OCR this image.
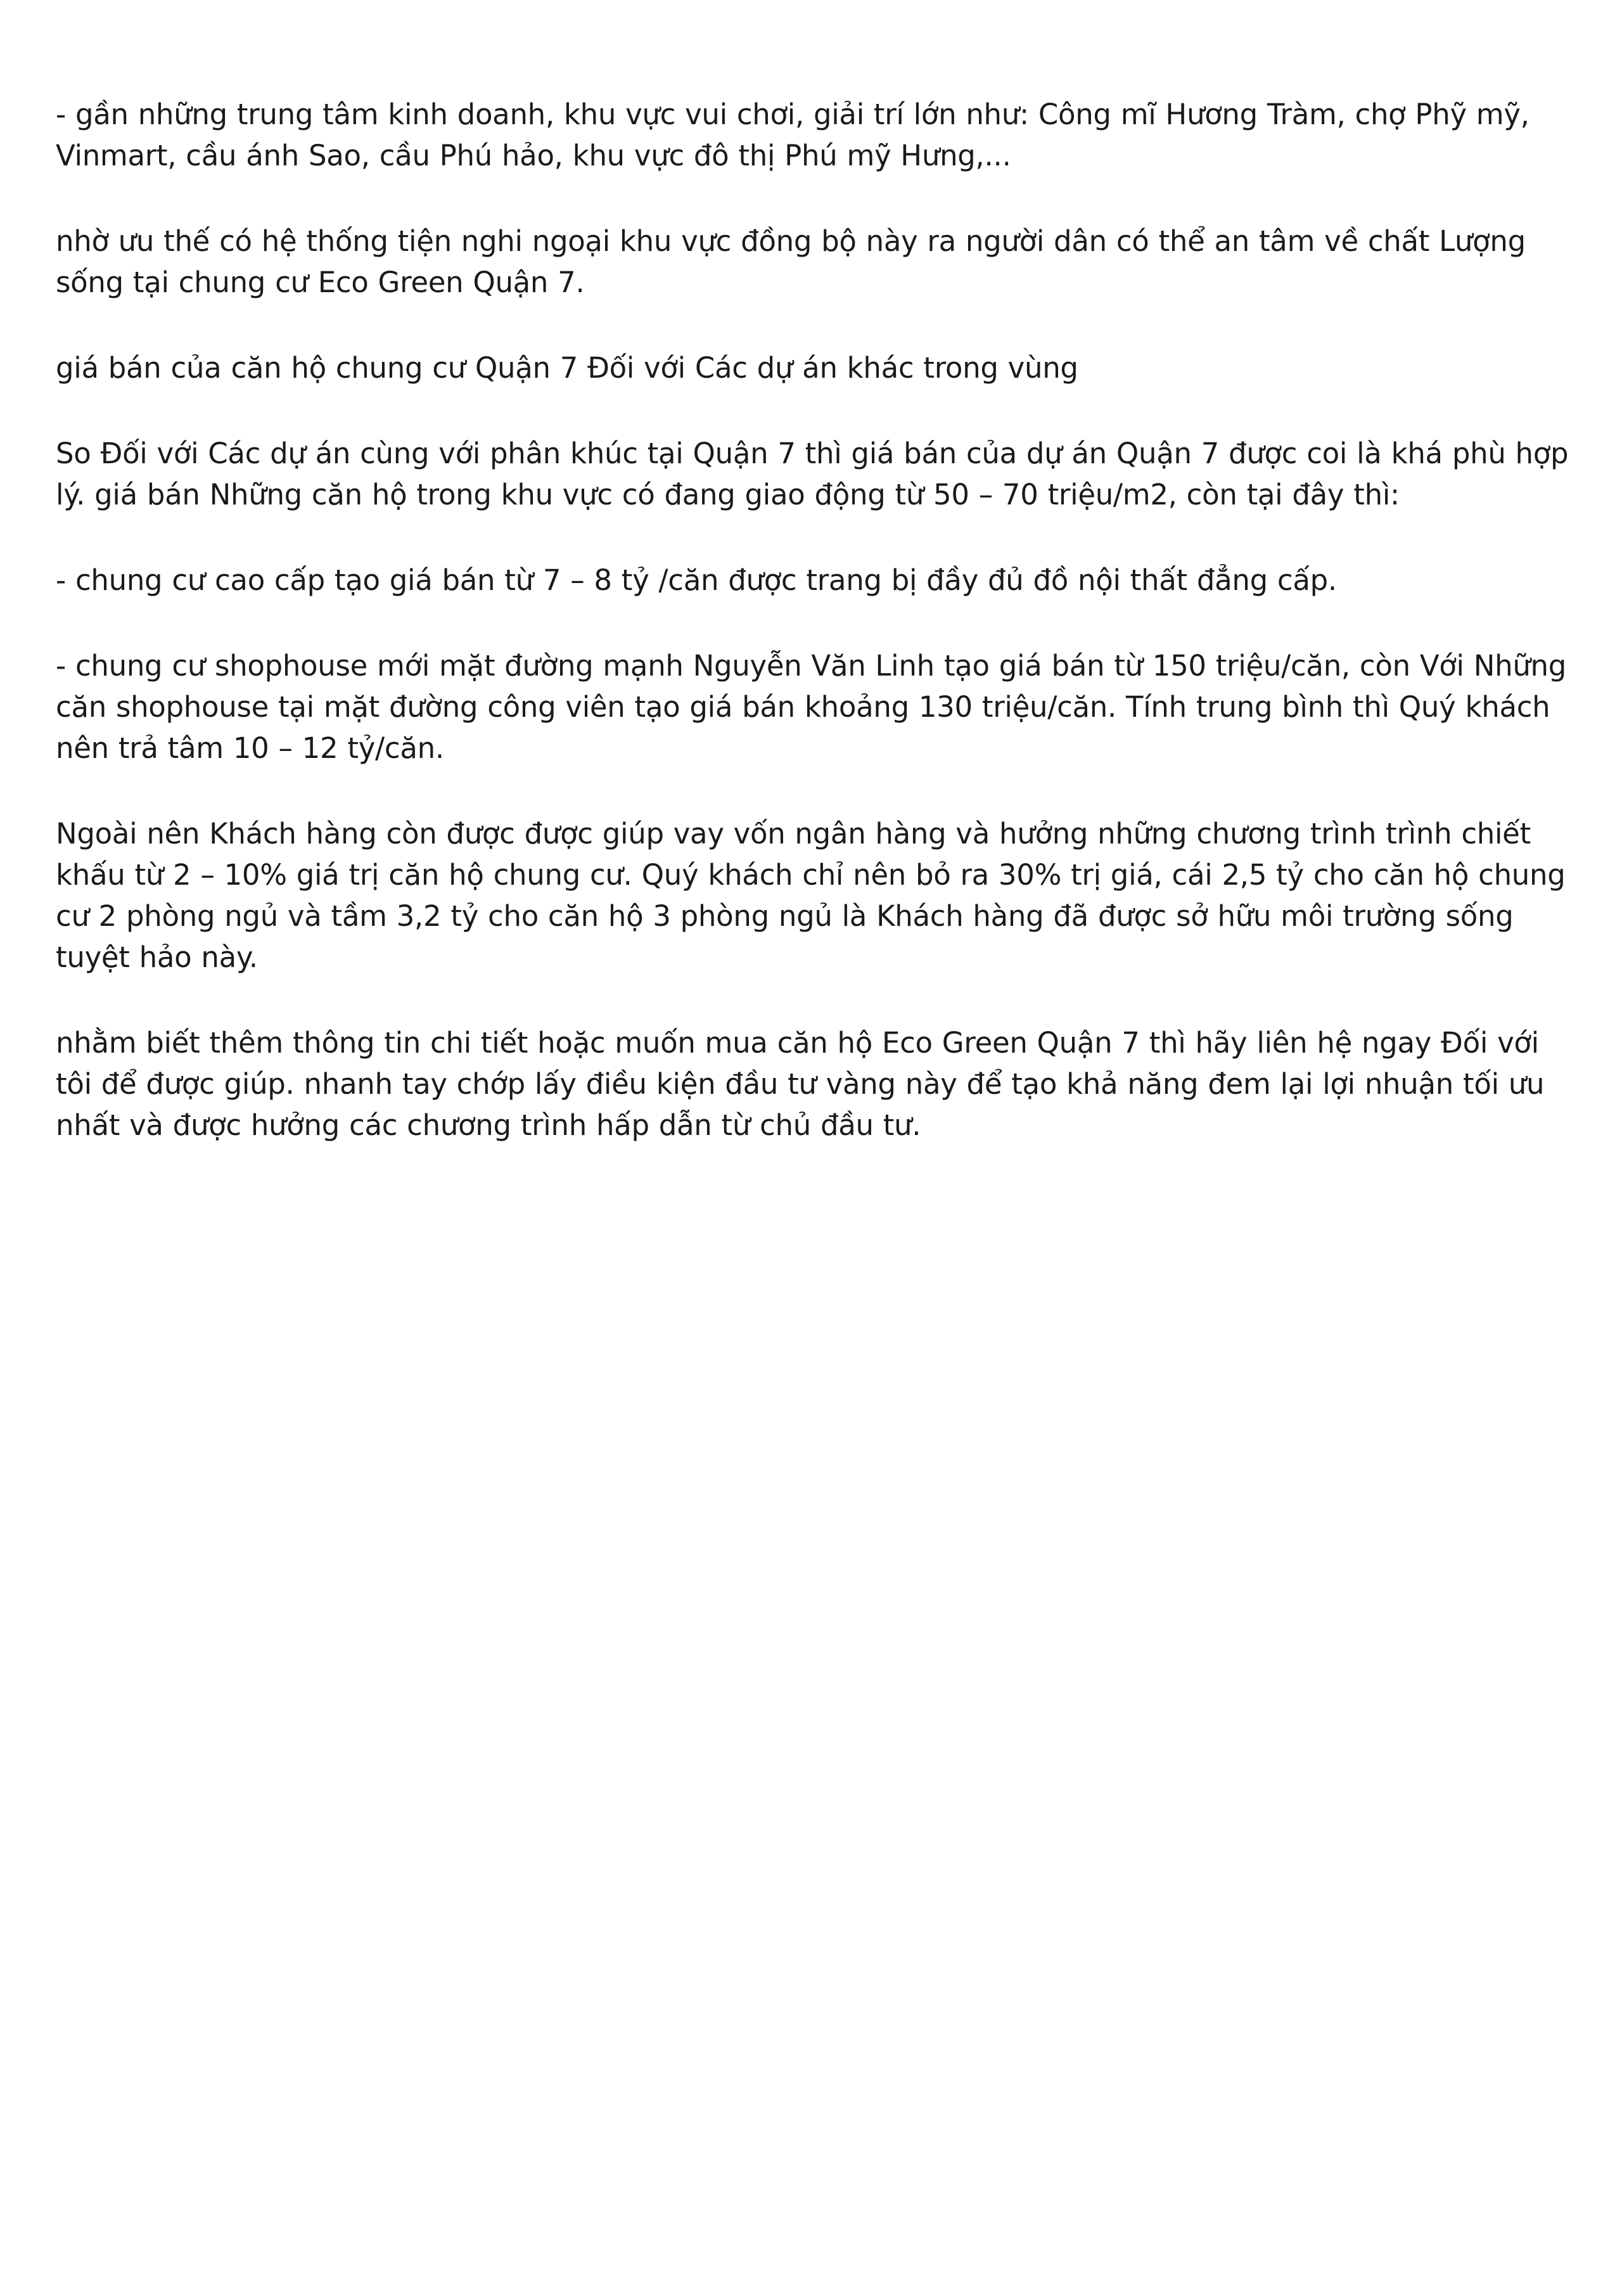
- gần những trung tâm kinh doanh, khu vực vui chơi, giải trí lớn như: Công mĩ Hương Tràm, chợ Phỹ mỹ, Vinmart, cầu ánh Sao, cầu Phú hảo, khu vực đô thị Phú mỹ Hưng,...

nhờ ưu thế có hệ thống tiện nghi ngoại khu vực đồng bộ này ra người dân có thể an tâm về chất Lượng sống tại chung cư Eco Green Quận 7.

giá bán của căn hộ chung cư Quận 7 Đối với Các dự án khác trong vùng

So Đối với Các dự án cùng với phân khúc tại Quận 7 thì giá bán của dự án Quận 7 được coi là khá phù hợp lý. giá bán Những căn hộ trong khu vực có đang giao động từ 50 – 70 triệu/m2, còn tại đây thì:

- chung cư cao cấp tạo giá bán từ 7 – 8 tỷ /căn được trang bị đầy đủ đồ nội thất đẳng cấp.

- chung cư shophouse mới mặt đường mạnh Nguyễn Văn Linh tạo giá bán từ 150 triệu/căn, còn Với Những căn shophouse tại mặt đường công viên tạo giá bán khoảng 130 triệu/căn. Tính trung bình thì Quý khách nên trả tâm 10 – 12 tỷ/căn.

Ngoài nên Khách hàng còn được được giúp vay vốn ngân hàng và hưởng những chương trình trình chiết khấu từ 2 – 10% giá trị căn hộ chung cư. Quý khách chỉ nên bỏ ra 30% trị giá, cái 2,5 tỷ cho căn hộ chung cư 2 phòng ngủ và tầm 3,2 tỷ cho căn hộ 3 phòng ngủ là Khách hàng đã được sở hữu môi trường sống tuyệt hảo này.

nhằm biết thêm thông tin chi tiết hoặc muốn mua căn hộ Eco Green Quận 7 thì hãy liên hệ ngay Đối với tôi để được giúp. nhanh tay chớp lấy điều kiện đầu tư vàng này để tạo khả năng đem lại lợi nhuận tối ưu nhất và được hưởng các chương trình hấp dẫn từ chủ đầu tư.
